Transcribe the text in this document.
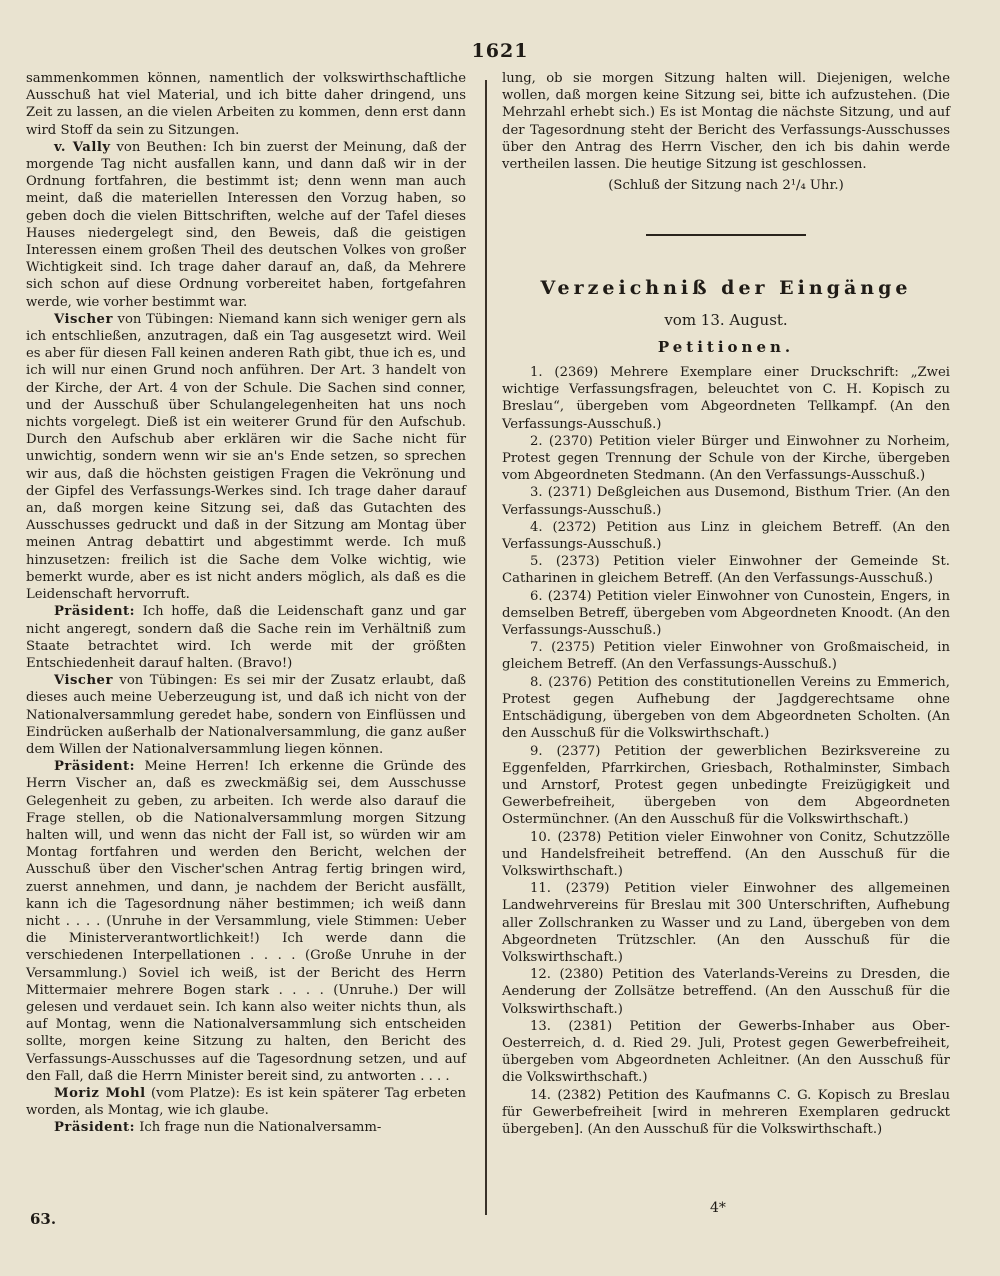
1621

sammenkommen können, namentlich der volkswirthschaftliche Ausschuß hat viel Material, und ich bitte daher dringend, uns Zeit zu lassen, an die vielen Arbeiten zu kommen, denn erst dann wird Stoff da sein zu Sitzungen.

v. Vally von Beuthen: Ich bin zuerst der Meinung, daß der morgende Tag nicht ausfallen kann, und dann daß wir in der Ordnung fortfahren, die bestimmt ist; denn wenn man auch meint, daß die materiellen Interessen den Vorzug haben, so geben doch die vielen Bittschriften, welche auf der Tafel dieses Hauses niedergelegt sind, den Beweis, daß die geistigen Interessen einem großen Theil des deutschen Volkes von großer Wichtigkeit sind. Ich trage daher darauf an, daß, da Mehrere sich schon auf diese Ordnung vorbereitet haben, fortgefahren werde, wie vorher bestimmt war.

Vischer von Tübingen: Niemand kann sich weniger gern als ich entschließen, anzutragen, daß ein Tag ausgesetzt wird. Weil es aber für diesen Fall keinen anderen Rath gibt, thue ich es, und ich will nur einen Grund noch anführen. Der Art. 3 handelt von der Kirche, der Art. 4 von der Schule. Die Sachen sind conner, und der Ausschuß über Schulangelegenheiten hat uns noch nichts vorgelegt. Dieß ist ein weiterer Grund für den Aufschub. Durch den Aufschub aber erklären wir die Sache nicht für unwichtig, sondern wenn wir sie an's Ende setzen, so sprechen wir aus, daß die höchsten geistigen Fragen die Vekrönung und der Gipfel des Verfassungs-Werkes sind. Ich trage daher darauf an, daß morgen keine Sitzung sei, daß das Gutachten des Ausschusses gedruckt und daß in der Sitzung am Montag über meinen Antrag debattirt und abgestimmt werde. Ich muß hinzusetzen: freilich ist die Sache dem Volke wichtig, wie bemerkt wurde, aber es ist nicht anders möglich, als daß es die Leidenschaft hervorruft.

Präsident: Ich hoffe, daß die Leidenschaft ganz und gar nicht angeregt, sondern daß die Sache rein im Verhältniß zum Staate betrachtet wird. Ich werde mit der größten Entschiedenheit darauf halten. (Bravo!)

Vischer von Tübingen: Es sei mir der Zusatz erlaubt, daß dieses auch meine Ueberzeugung ist, und daß ich nicht von der Nationalversammlung geredet habe, sondern von Einflüssen und Eindrücken außerhalb der Nationalversammlung, die ganz außer dem Willen der Nationalversammlung liegen können.

Präsident: Meine Herren! Ich erkenne die Gründe des Herrn Vischer an, daß es zweckmäßig sei, dem Ausschusse Gelegenheit zu geben, zu arbeiten. Ich werde also darauf die Frage stellen, ob die Nationalversammlung morgen Sitzung halten will, und wenn das nicht der Fall ist, so würden wir am Montag fortfahren und werden den Bericht, welchen der Ausschuß über den Vischer'schen Antrag fertig bringen wird, zuerst annehmen, und dann, je nachdem der Bericht ausfällt, kann ich die Tagesordnung näher bestimmen; ich weiß dann nicht . . . . (Unruhe in der Versammlung, viele Stimmen: Ueber die Ministerverantwortlichkeit!) Ich werde dann die verschiedenen Interpellationen . . . . (Große Unruhe in der Versammlung.) Soviel ich weiß, ist der Bericht des Herrn Mittermaier mehrere Bogen stark . . . . (Unruhe.) Der will gelesen und verdauet sein. Ich kann also weiter nichts thun, als auf Montag, wenn die Nationalversammlung sich entscheiden sollte, morgen keine Sitzung zu halten, den Bericht des Verfassungs-Ausschusses auf die Tagesordnung setzen, und auf den Fall, daß die Herrn Minister bereit sind, zu antworten . . . .

Moriz Mohl (vom Platze): Es ist kein späterer Tag erbeten worden, als Montag, wie ich glaube.

Präsident: Ich frage nun die Nationalversamm-

lung, ob sie morgen Sitzung halten will. Diejenigen, welche wollen, daß morgen keine Sitzung sei, bitte ich aufzustehen. (Die Mehrzahl erhebt sich.) Es ist Montag die nächste Sitzung, und auf der Tagesordnung steht der Bericht des Verfassungs-Ausschusses über den Antrag des Herrn Vischer, den ich bis dahin werde vertheilen lassen. Die heutige Sitzung ist geschlossen.

(Schluß der Sitzung nach 2¹/₄ Uhr.)

Verzeichniß der Eingänge
vom 13. August.
Petitionen.

1. (2369) Mehrere Exemplare einer Druckschrift: „Zwei wichtige Verfassungsfragen, beleuchtet von C. H. Kopisch zu Breslau“, übergeben vom Abgeordneten Tellkampf. (An den Verfassungs-Ausschuß.)

2. (2370) Petition vieler Bürger und Einwohner zu Norheim, Protest gegen Trennung der Schule von der Kirche, übergeben vom Abgeordneten Stedmann. (An den Verfassungs-Ausschuß.)

3. (2371) Deßgleichen aus Dusemond, Bisthum Trier. (An den Verfassungs-Ausschuß.)

4. (2372) Petition aus Linz in gleichem Betreff. (An den Verfassungs-Ausschuß.)

5. (2373) Petition vieler Einwohner der Gemeinde St. Catharinen in gleichem Betreff. (An den Verfassungs-Ausschuß.)

6. (2374) Petition vieler Einwohner von Cunostein, Engers, in demselben Betreff, übergeben vom Abgeordneten Knoodt. (An den Verfassungs-Ausschuß.)

7. (2375) Petition vieler Einwohner von Großmaischeid, in gleichem Betreff. (An den Verfassungs-Ausschuß.)

8. (2376) Petition des constitutionellen Vereins zu Emmerich, Protest gegen Aufhebung der Jagdgerechtsame ohne Entschädigung, übergeben von dem Abgeordneten Scholten. (An den Ausschuß für die Volkswirthschaft.)

9. (2377) Petition der gewerblichen Bezirksvereine zu Eggenfelden, Pfarrkirchen, Griesbach, Rothalminster, Simbach und Arnstorf, Protest gegen unbedingte Freizügigkeit und Gewerbefreiheit, übergeben von dem Abgeordneten Ostermünchner. (An den Ausschuß für die Volkswirthschaft.)

10. (2378) Petition vieler Einwohner von Conitz, Schutzzölle und Handelsfreiheit betreffend. (An den Ausschuß für die Volkswirthschaft.)

11. (2379) Petition vieler Einwohner des allgemeinen Landwehrvereins für Breslau mit 300 Unterschriften, Aufhebung aller Zollschranken zu Wasser und zu Land, übergeben von dem Abgeordneten Trützschler. (An den Ausschuß für die Volkswirthschaft.)

12. (2380) Petition des Vaterlands-Vereins zu Dresden, die Aenderung der Zollsätze betreffend. (An den Ausschuß für die Volkswirthschaft.)

13. (2381) Petition der Gewerbs-Inhaber aus Ober-Oesterreich, d. d. Ried 29. Juli, Protest gegen Gewerbefreiheit, übergeben vom Abgeordneten Achleitner. (An den Ausschuß für die Volkswirthschaft.)

14. (2382) Petition des Kaufmanns C. G. Kopisch zu Breslau für Gewerbefreiheit [wird in mehreren Exemplaren gedruckt übergeben]. (An den Ausschuß für die Volkswirthschaft.)

63.
4*
